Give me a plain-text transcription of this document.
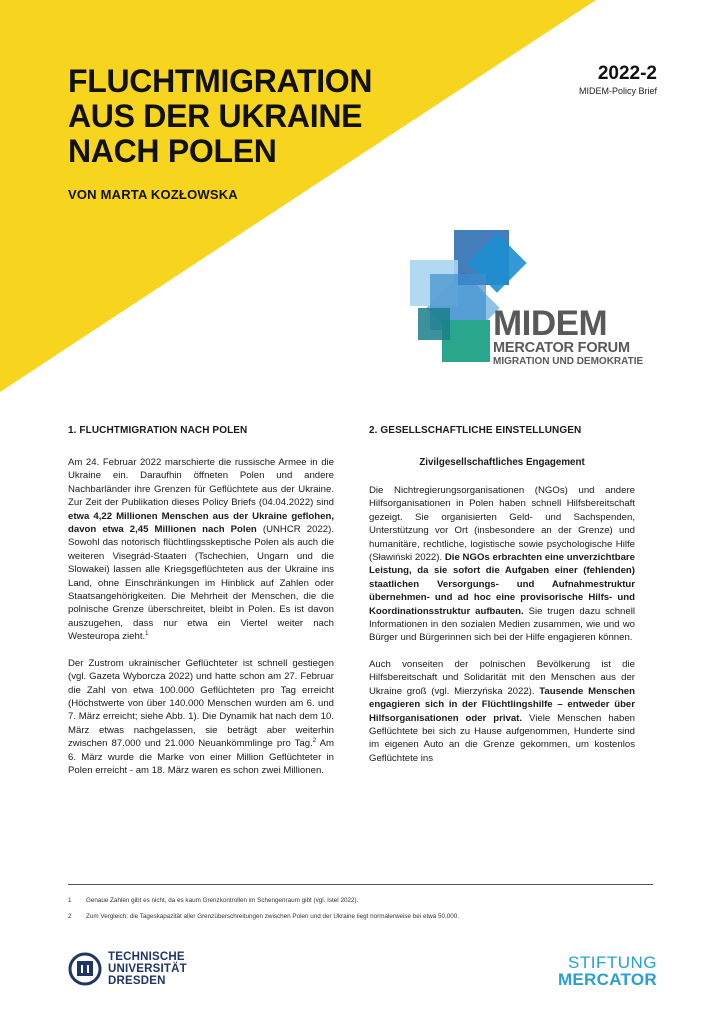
FLUCHTMIGRATION
AUS DER UKRAINE
NACH POLEN
VON MARTA KOZŁOWSKA
2022-2
MIDEM-Policy Brief
MIDEM
MERCATOR FORUM
MIGRATION UND DEMOKRATIE
1. FLUCHTMIGRATION NACH POLEN

Am 24. Februar 2022 marschierte die russische Armee in die Ukraine ein. Daraufhin öffneten Polen und andere Nachbarländer ihre Grenzen für Geflüchtete aus der Ukraine. Zur Zeit der Publikation dieses Policy Briefs (04.04.2022) sind etwa 4,22 Millionen Menschen aus der Ukraine geflohen, davon etwa 2,45 Millionen nach Polen (UNHCR 2022). Sowohl das notorisch flüchtlingsskeptische Polen als auch die weiteren Visegrád-Staaten (Tschechien, Ungarn und die Slowakei) lassen alle Kriegsgeflüchteten aus der Ukraine ins Land, ohne Einschränkungen im Hinblick auf Zahlen oder Staatsangehörigkeiten. Die Mehrheit der Menschen, die die polnische Grenze überschreitet, bleibt in Polen. Es ist davon auszugehen, dass nur etwa ein Viertel weiter nach Westeuropa zieht.$^1$

Der Zustrom ukrainischer Geflüchteter ist schnell gestiegen (vgl. Gazeta Wyborcza 2022) und hatte schon am 27. Februar die Zahl von etwa 100.000 Geflüchteten pro Tag erreicht (Höchstwerte von über 140.000 Menschen wurden am 6. und 7. März erreicht; siehe Abb. 1). Die Dynamik hat nach dem 10. März etwas nachgelassen, sie beträgt aber weiterhin zwischen 87.000 und 21.000 Neuankömmlinge pro Tag.$^2$ Am 6. März wurde die Marke von einer Million Geflüchteter in Polen erreicht - am 18. März waren es schon zwei Millionen.

2. GESELLSCHAFTLICHE EINSTELLUNGEN
Zivilgesellschaftliches Engagement

Die Nichtregierungsorganisationen (NGOs) und andere Hilfsorganisationen in Polen haben schnell Hilfsbereitschaft gezeigt. Sie organisierten Geld- und Sachspenden, Unterstützung vor Ort (insbesondere an der Grenze) und humanitäre, rechtliche, logistische sowie psychologische Hilfe (Sławiński 2022). Die NGOs erbrachten eine unverzichtbare Leistung, da sie sofort die Aufgaben einer (fehlenden) staatlichen Versorgungs- und Aufnahmestruktur übernehmen- und ad hoc eine provisorische Hilfs- und Koordinationsstruktur aufbauten. Sie trugen dazu schnell Informationen in den sozialen Medien zusammen, wie und wo Bürger und Bürgerinnen sich bei der Hilfe engagieren können.

Auch vonseiten der polnischen Bevölkerung ist die Hilfsbereitschaft und Solidarität mit den Menschen aus der Ukraine groß (vgl. Mierzyńska 2022). Tausende Menschen engagieren sich in der Flüchtlingshilfe – entweder über Hilfsorganisationen oder privat. Viele Menschen haben Geflüchtete bei sich zu Hause aufgenommen, Hunderte sind im eigenen Auto an die Grenze gekommen, um kostenlos Geflüchtete ins

1 Genaue Zahlen gibt es nicht, da es kaum Grenzkontrollen im Schengenraum gibt (vgl. Istel 2022).
2 Zum Vergleich: die Tageskapazität aller Grenzüberschreitungen zwischen Polen und der Ukraine liegt normalerweise bei etwa 50.000.
TECHNISCHE
UNIVERSITÄT
DRESDEN
STIFTUNG
MERCATOR
